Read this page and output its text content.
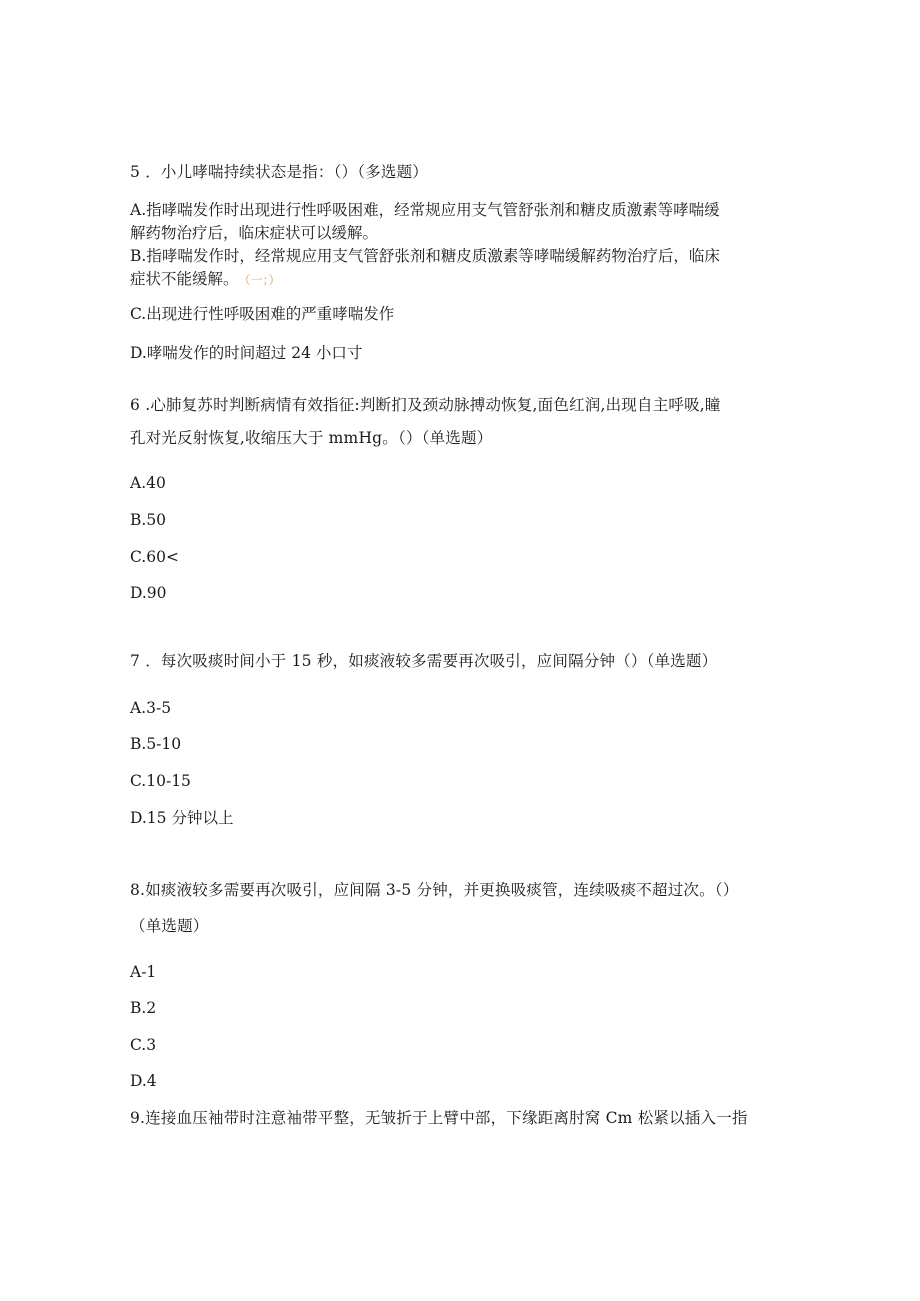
5 ．小儿哮喘持续状态是指：（）（多选题）
A.指哮喘发作时出现进行性呼吸困难，经常规应用支气管舒张剂和糖皮质激素等哮喘缓
解药物治疗后，临床症状可以缓解。
B.指哮喘发作时，经常规应用支气管舒张剂和糖皮质激素等哮喘缓解药物治疗后，临床
症状不能缓解。 （一；）
C.出现进行性呼吸困难的严重哮喘发作
D.哮喘发作的时间超过 24 小口寸
6 .心肺复苏时判断病情有效指征:判断扪及颈动脉搏动恢复,面色红润,出现自主呼吸,瞳
孔对光反射恢复,收缩压大于 mmHg。（）（单选题）
A.40
B.50
C.60<
D.90
7 ．每次吸痰时间小于 15 秒，如痰液较多需要再次吸引，应间隔分钟（）（单选题）
A.3-5
B.5-10
C.10-15
D.15 分钟以上
8.如痰液较多需要再次吸引，应间隔 3-5 分钟，并更换吸痰管，连续吸痰不超过次。（）
（单选题）
A-1
B.2
C.3
D.4
9.连接血压袖带时注意袖带平整，无皱折于上臂中部，下缘距离肘窝 Cm 松紧以插入一指
